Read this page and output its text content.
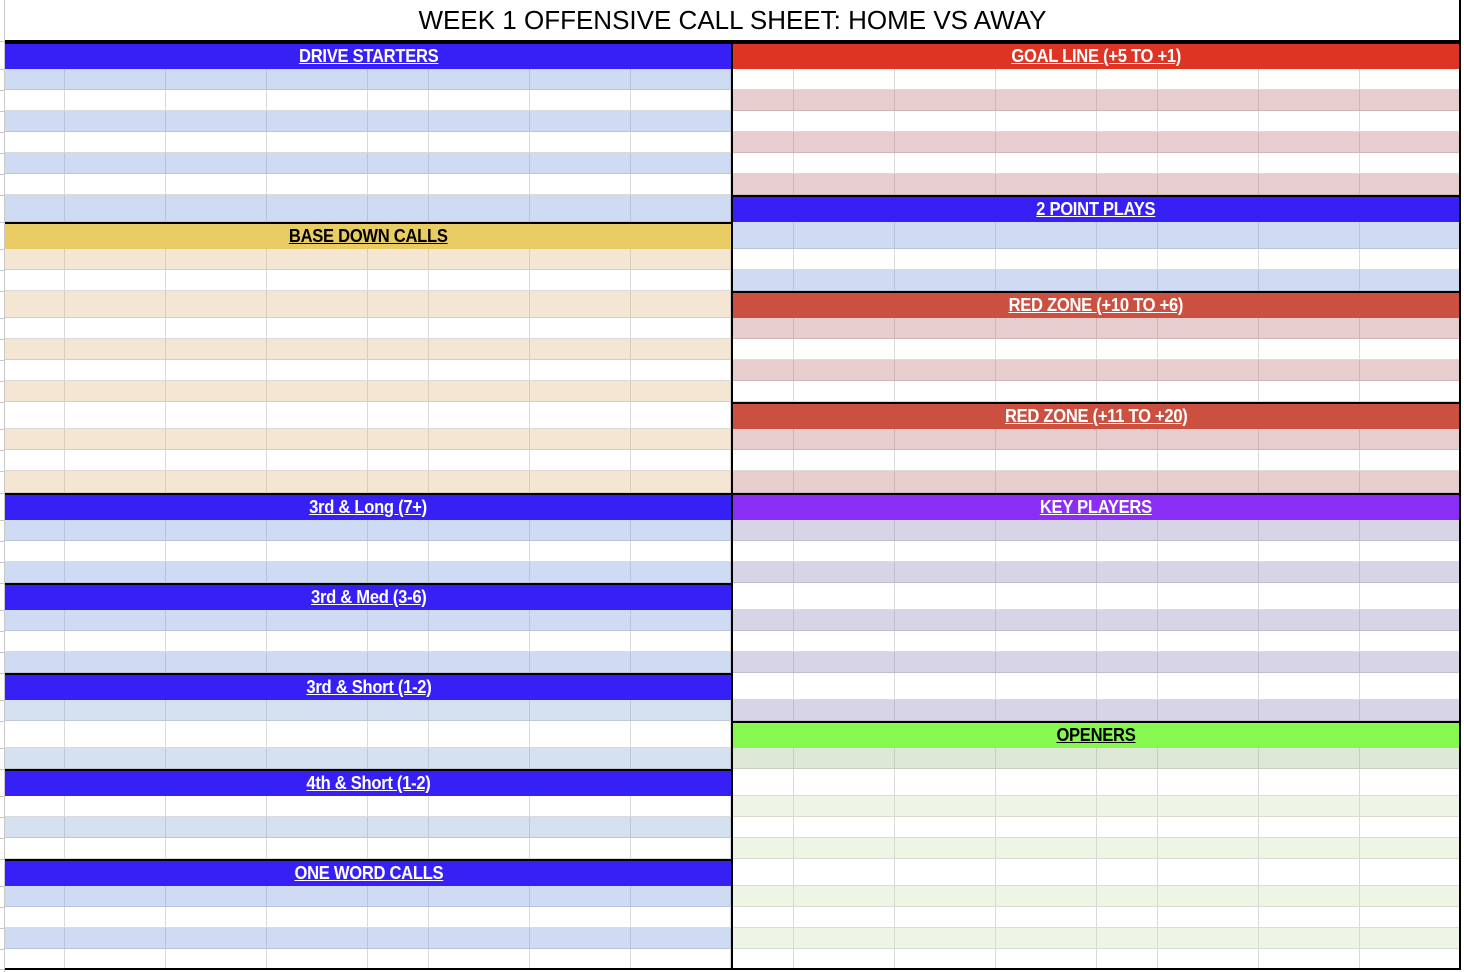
WEEK 1 OFFENSIVE CALL SHEET: HOME VS AWAY
DRIVE STARTERS
BASE DOWN CALLS
3rd & Long (7+)
3rd & Med (3-6)
3rd & Short (1-2)
4th & Short (1-2)
ONE WORD CALLS
GOAL LINE (+5 TO +1)
2 POINT PLAYS
RED ZONE (+10 TO +6)
RED ZONE (+11 TO +20)
KEY PLAYERS
OPENERS
